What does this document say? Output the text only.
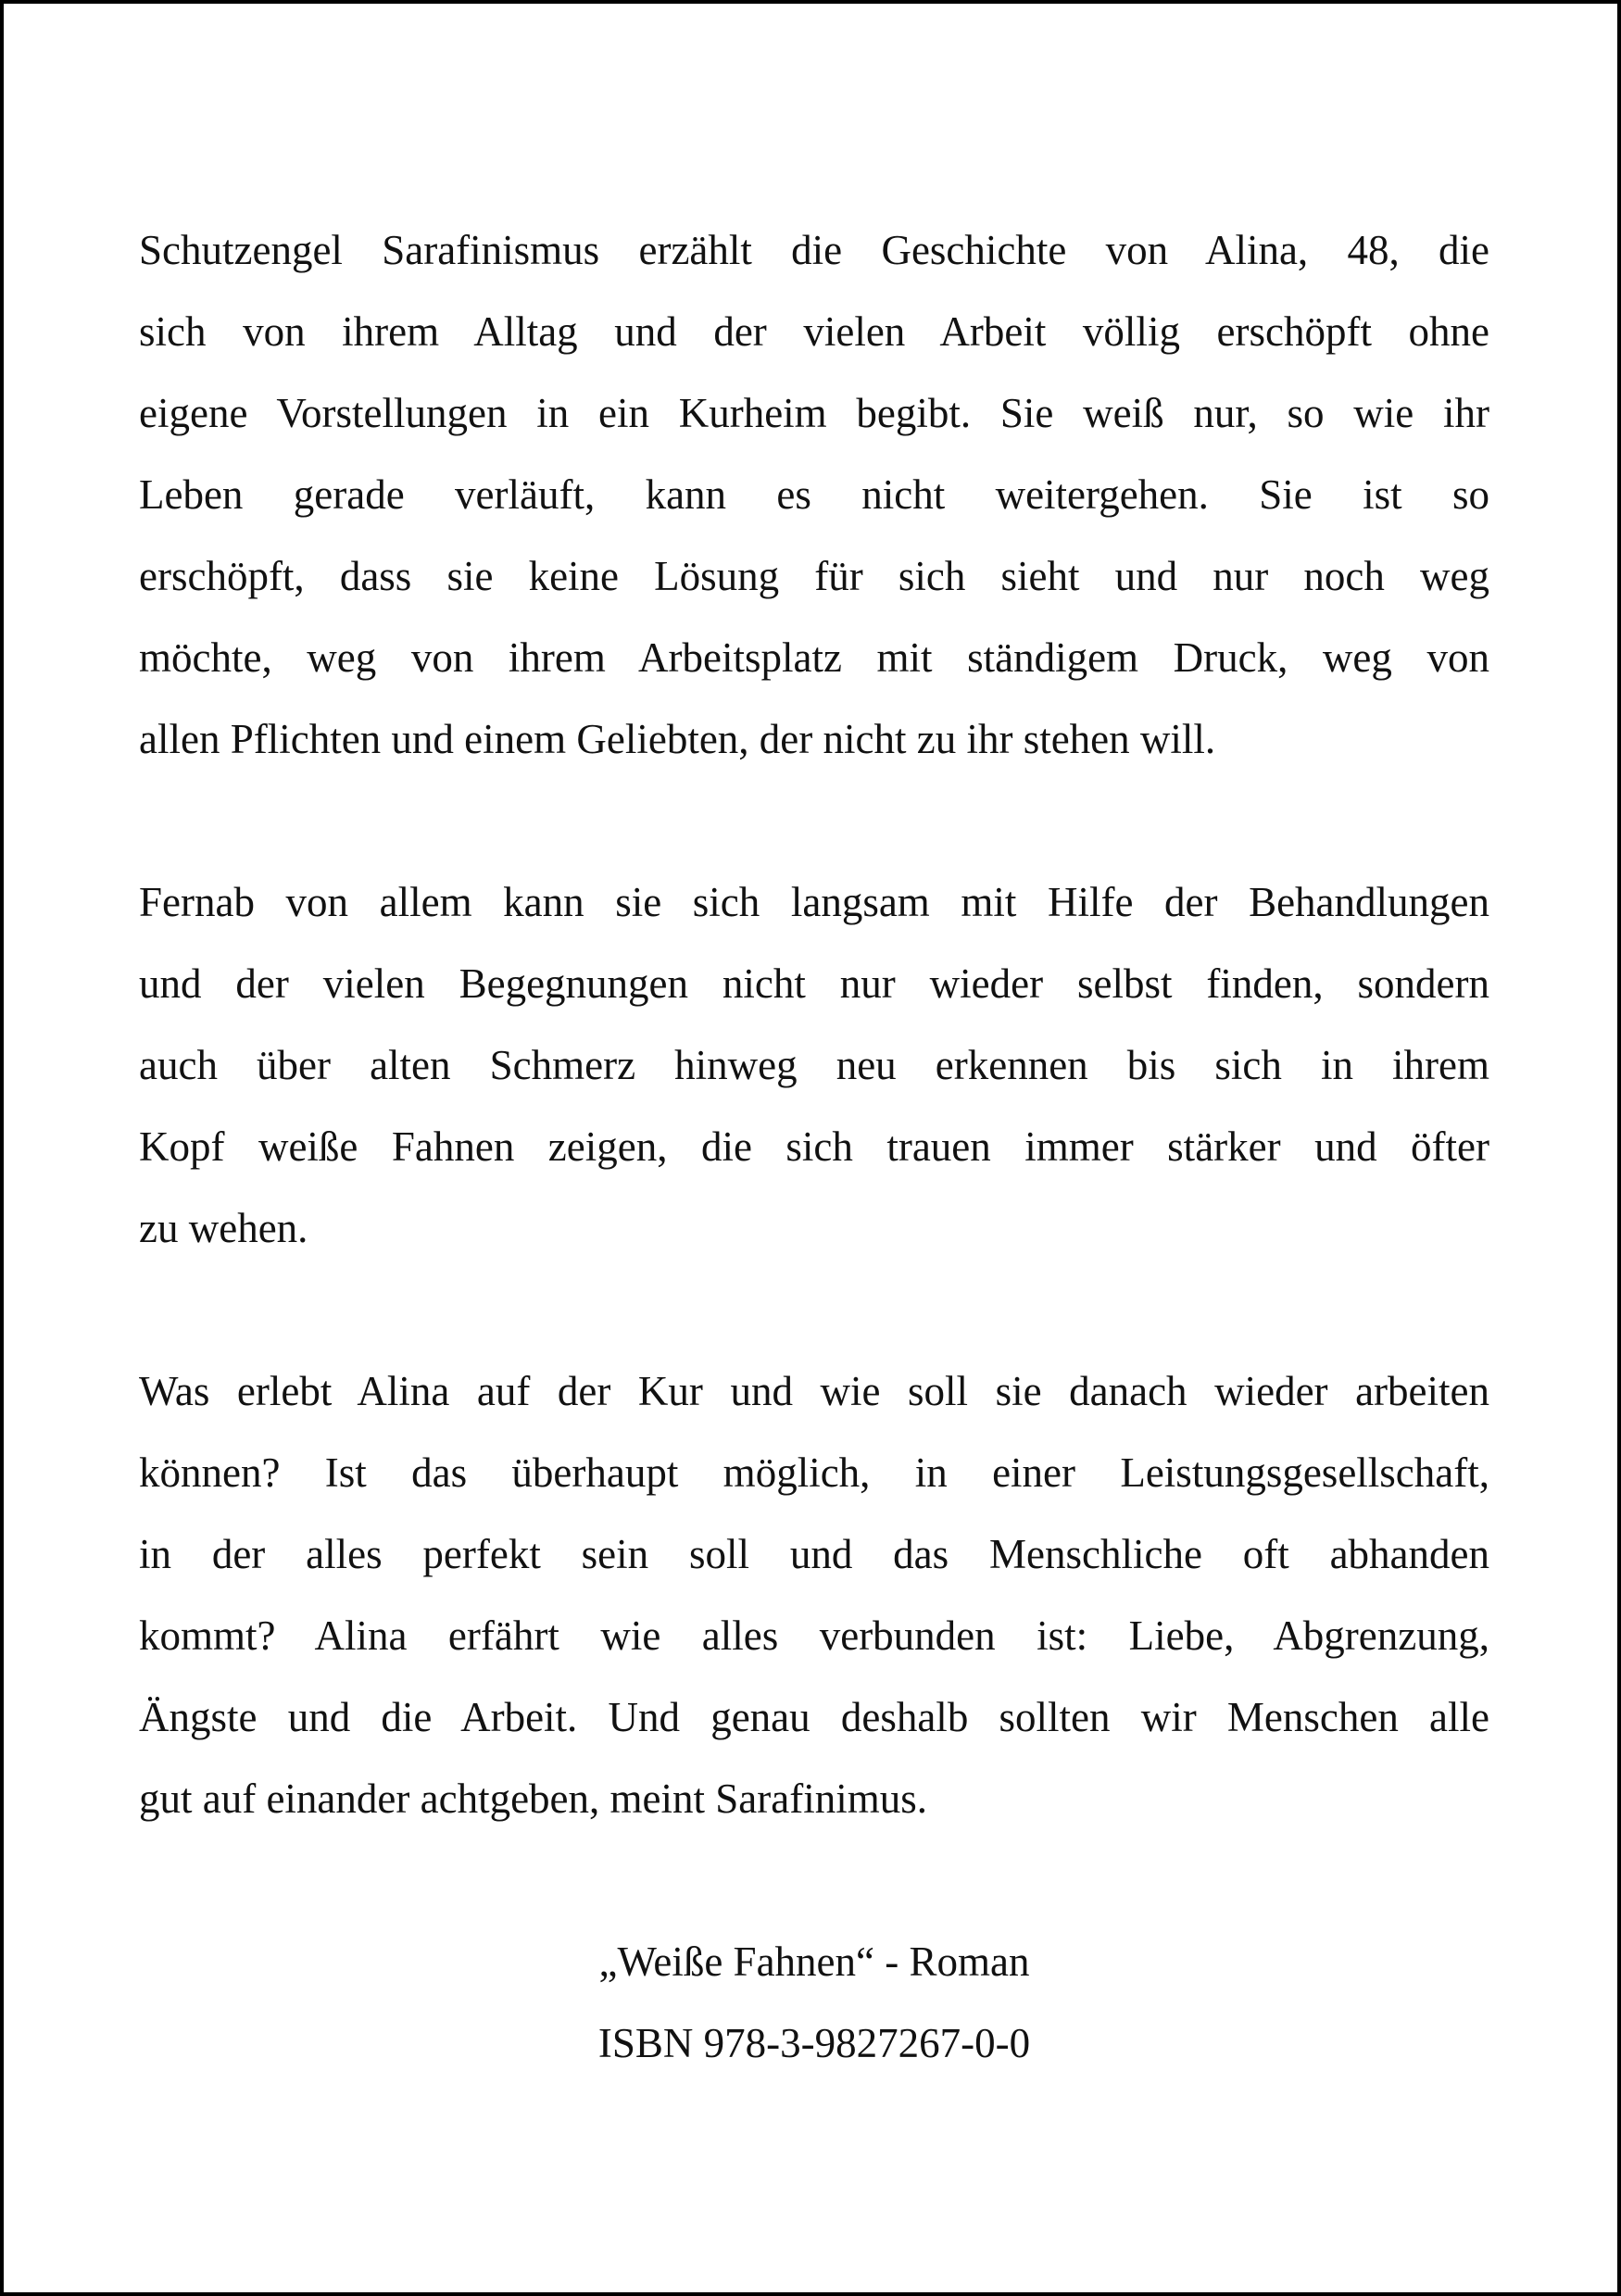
Schutzengel Sarafinismus erzählt die Geschichte von Alina, 48, die
sich von ihrem Alltag und der vielen Arbeit völlig erschöpft ohne
eigene Vorstellungen in ein Kurheim begibt. Sie weiß nur, so wie ihr
Leben gerade verläuft, kann es nicht weitergehen. Sie ist so
erschöpft, dass sie keine Lösung für sich sieht und nur noch weg
möchte, weg von ihrem Arbeitsplatz mit ständigem Druck, weg von
allen Pflichten und einem Geliebten, der nicht zu ihr stehen will.

Fernab von allem kann sie sich langsam mit Hilfe der Behandlungen
und der vielen Begegnungen nicht nur wieder selbst finden, sondern
auch über alten Schmerz hinweg neu erkennen bis sich in ihrem
Kopf weiße Fahnen zeigen, die sich trauen immer stärker und öfter
zu wehen.

Was erlebt Alina auf der Kur und wie soll sie danach wieder arbeiten
können? Ist das überhaupt möglich, in einer Leistungsgesellschaft,
in der alles perfekt sein soll und das Menschliche oft abhanden
kommt? Alina erfährt wie alles verbunden ist: Liebe, Abgrenzung,
Ängste und die Arbeit. Und genau deshalb sollten wir Menschen alle
gut auf einander achtgeben, meint Sarafinimus.

„Weiße Fahnen“ - Roman
ISBN 978-3-9827267-0-0
